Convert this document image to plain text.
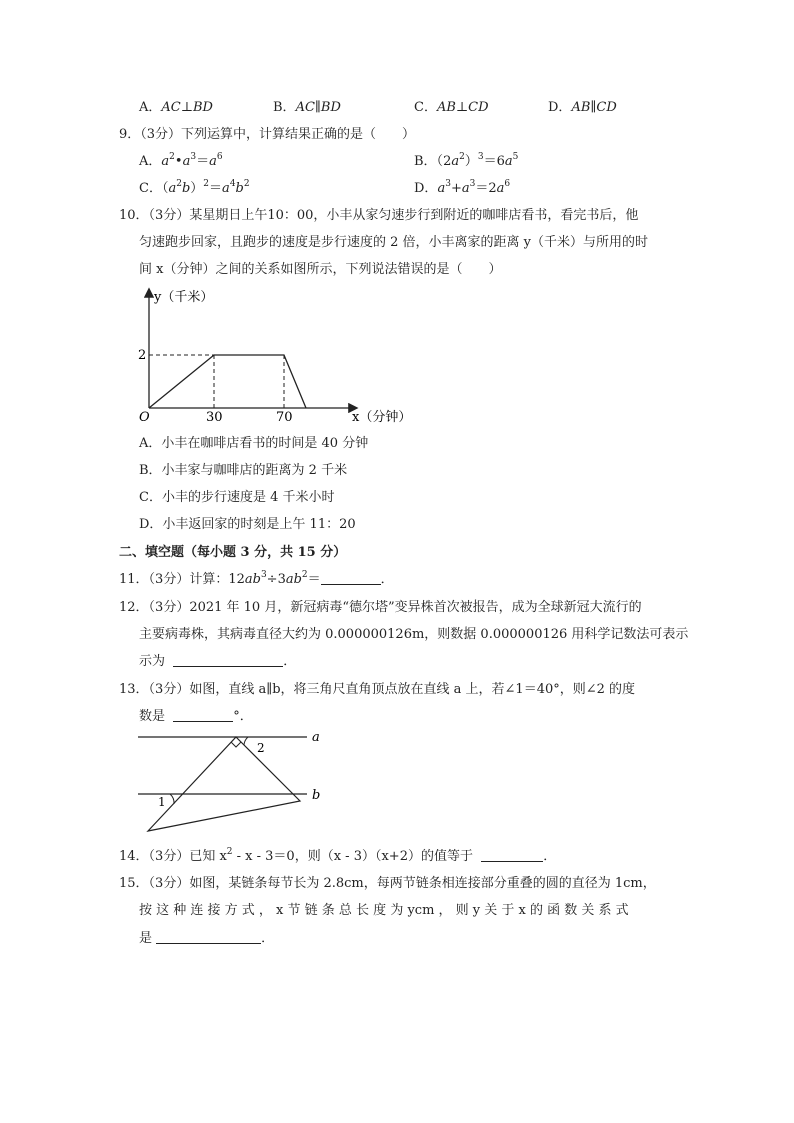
A．AC⊥BD	B．AC∥BD	C．AB⊥CD	D．AB∥CD
9．（3分）下列运算中，计算结果正确的是（　　）
A．$a^2•a^3=a^6$	B．$(2a^2)^3=6a^5$
C．$(a^2b)^2=a^4b^2$	D．$a^3+a^3=2a^6$
10．（3分）某星期日上午10：00，小丰从家匀速步行到附近的咖啡店看书，看完书后，他
匀速跑步回家，且跑步的速度是步行速度的 2 倍，小丰离家的距离 y（千米）与所用的时
间 x（分钟）之间的关系如图所示，下列说法错误的是（　　）
y（千米）
2
O	30	70	x（分钟）
A．小丰在咖啡店看书的时间是 40 分钟
B．小丰家与咖啡店的距离为 2 千米
C．小丰的步行速度是 4 千米小时
D．小丰返回家的时刻是上午 11：20
二、填空题（每小题 3 分，共 15 分）
11．（3分）计算：$12ab^3\div 3ab^2=$	．
12．（3分）2021 年 10 月，新冠病毒“德尔塔”变异株首次被报告，成为全球新冠大流行的
主要病毒株，其病毒直径大约为 0.000000126m，则数据 0.000000126 用科学记数法可表示
示为	．
13．（3分）如图，直线 a∥b，将三角尺直角顶点放在直线 a 上，若∠1＝40°，则∠2 的度
数是	°．
a
b
2
1
14．（3分）已知 $x^2 - x - 3=0$，则（x - 3）（x+2）的值等于	．
15．（3分）如图，某链条每节长为 2.8cm，每两节链条相连接部分重叠的圆的直径为 1cm，
按 这 种 连 接 方 式 ， x 节 链 条 总 长 度 为 ycm ， 则 y 关 于 x 的 函 数 关 系 式
是	．
